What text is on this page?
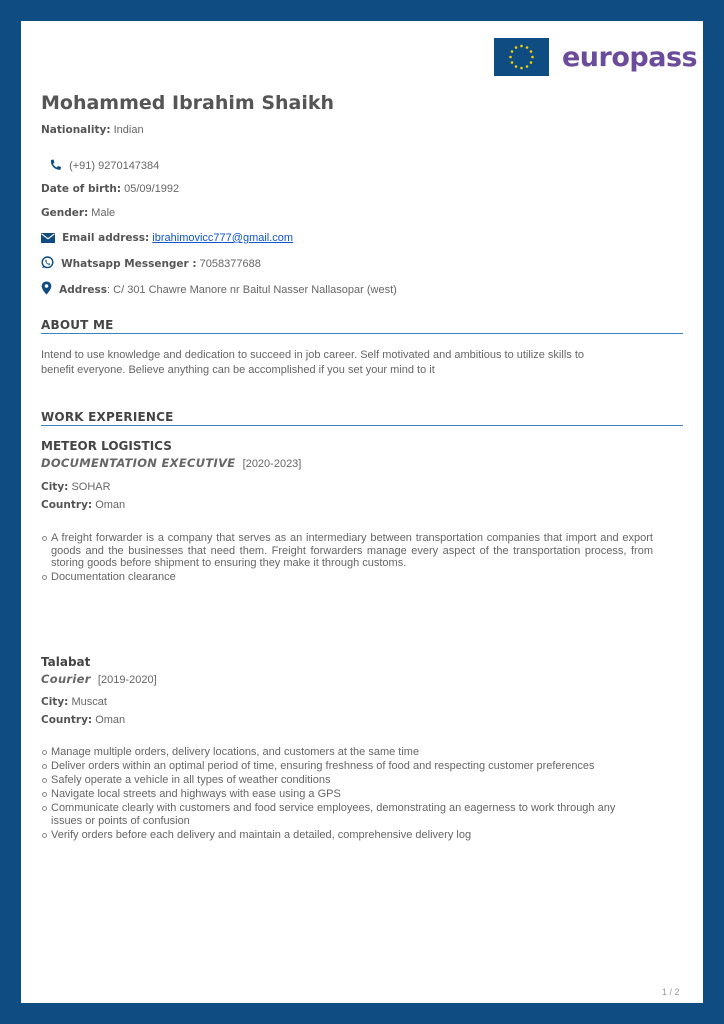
europass
Mohammed Ibrahim Shaikh
Nationality: Indian
(+91) 9270147384
Date of birth: 05/09/1992
Gender: Male
Email address: ibrahimovicc777@gmail.com
Whatsapp Messenger : 7058377688
Address: C/ 301 Chawre Manore nr Baitul Nasser Nallasopar (west)
ABOUT ME
Intend to use knowledge and dedication to succeed in job career. Self motivated and ambitious to utilize skills to
benefit everyone. Believe anything can be accomplished if you set your mind to it
WORK EXPERIENCE
METEOR LOGISTICS
DOCUMENTATION EXECUTIVE [2020-2023]
City: SOHAR
Country: Oman
A freight forwarder is a company that serves as an intermediary between transportation companies that import and export goods and the businesses that need them. Freight forwarders manage every aspect of the transportation process, from storing goods before shipment to ensuring they make it through customs.
Documentation clearance
Talabat
Courier [2019-2020]
City: Muscat
Country: Oman
Manage multiple orders, delivery locations, and customers at the same time
Deliver orders within an optimal period of time, ensuring freshness of food and respecting customer preferences
Safely operate a vehicle in all types of weather conditions
Navigate local streets and highways with ease using a GPS
Communicate clearly with customers and food service employees, demonstrating an eagerness to work through any issues or points of confusion
Verify orders before each delivery and maintain a detailed, comprehensive delivery log
1 / 2
